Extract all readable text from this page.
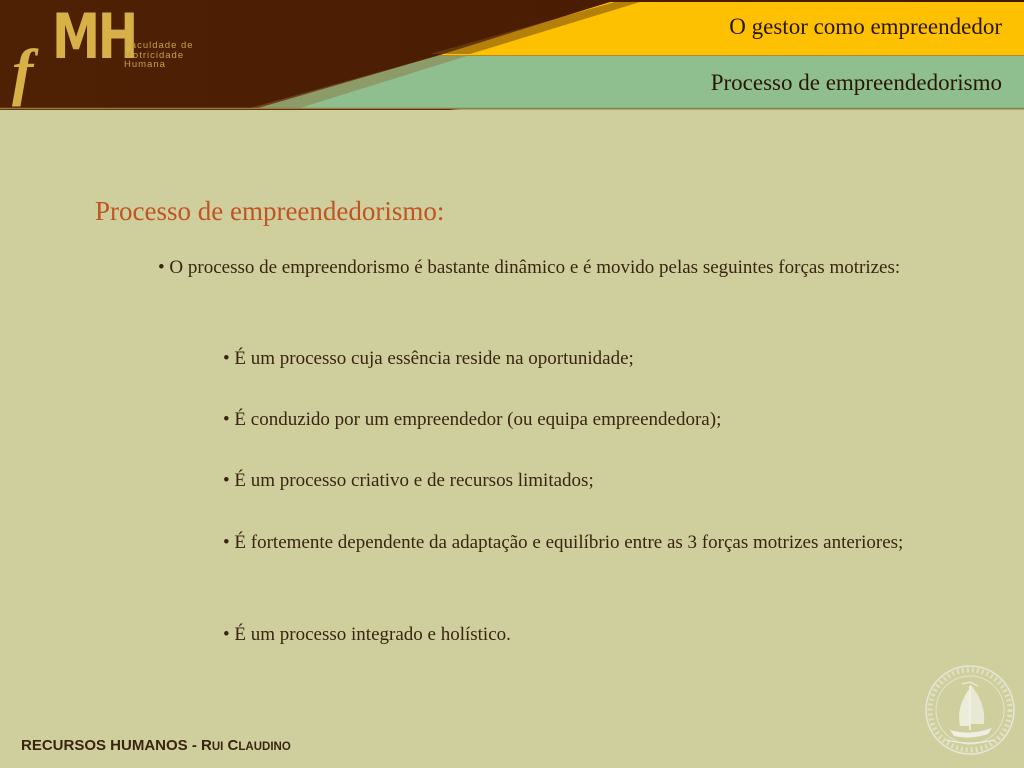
f MH
Faculdade de
Motricidade
Humana
O gestor como empreendedor
Processo de empreendedorismo
Processo de empreendedorismo:
• O processo de empreendorismo é bastante dinâmico e é movido pelas seguintes forças motrizes:
• É um processo cuja essência reside na oportunidade;
• É conduzido por um empreendedor (ou equipa empreendedora);
• É um processo criativo e de recursos limitados;
• É fortemente dependente da adaptação e equilíbrio entre as 3 forças motrizes anteriores;
• É um processo integrado e holístico.
RECURSOS HUMANOS - RUI CLAUDINO
